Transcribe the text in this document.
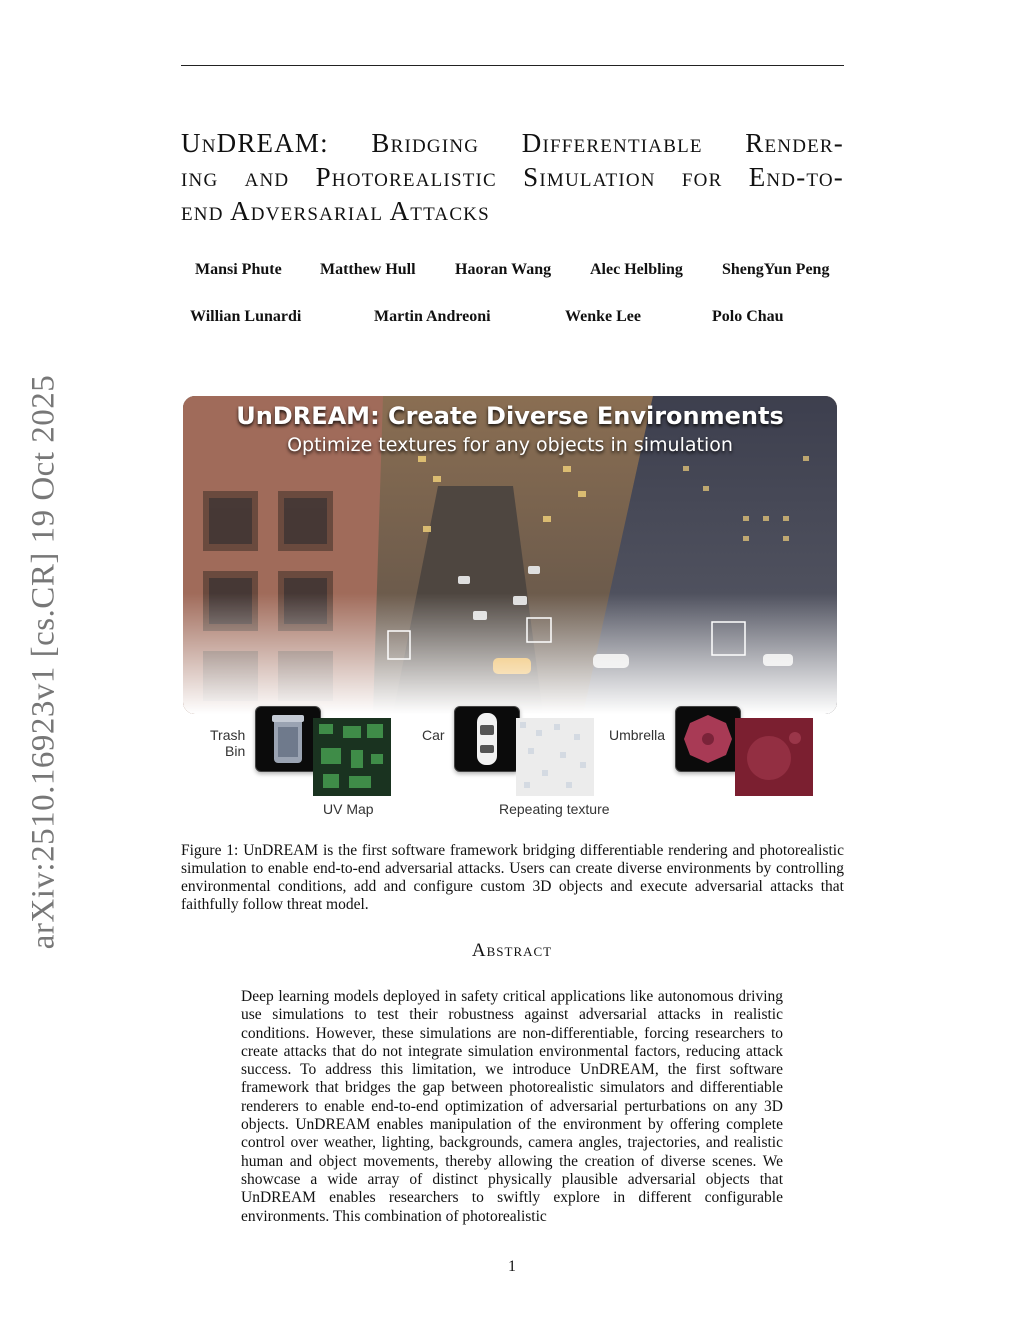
arXiv:2510.16923v1 [cs.CR] 19 Oct 2025
UnDREAM: Bridging Differentiable Render-
ing and Photorealistic Simulation for End-to-
end Adversarial Attacks
Mansi Phute Matthew Hull Haoran Wang Alec Helbling ShengYun Peng
Willian Lunardi	Martin Andreoni	Wenke Lee	Polo Chau
UnDREAM: Create Diverse Environments
Optimize textures for any objects in simulation
Trash
Bin
Car	Umbrella
UV Map	Repeating texture

Figure 1: UnDREAM is the first software framework bridging differentiable rendering and photorealistic simulation to enable end-to-end adversarial attacks. Users can create diverse environments by controlling environmental conditions, add and configure custom 3D objects and execute adversarial attacks that faithfully follow threat model.

Abstract

Deep learning models deployed in safety critical applications like autonomous driving use simulations to test their robustness against adversarial attacks in realistic conditions. However, these simulations are non-differentiable, forcing researchers to create attacks that do not integrate simulation environmental factors, reducing attack success. To address this limitation, we introduce UnDREAM, the first software framework that bridges the gap between photorealistic simulators and differentiable renderers to enable end-to-end optimization of adversarial perturbations on any 3D objects. UnDREAM enables manipulation of the environment by offering complete control over weather, lighting, backgrounds, camera angles, trajectories, and realistic human and object movements, thereby allowing the creation of diverse scenes. We showcase a wide array of distinct physically plausible adversarial objects that UnDREAM enables researchers to swiftly explore in different configurable environments. This combination of photorealistic

1
